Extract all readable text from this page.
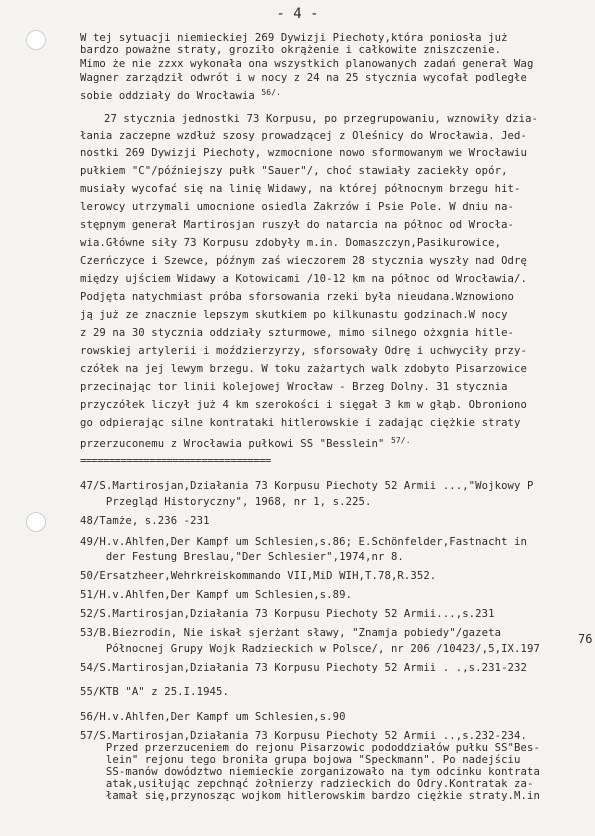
- 4 -
W tej sytuacji niemieckiej 269 Dywizji Piechoty,która poniosła już
bardzo poważne straty, groziło okrążenie i całkowite zniszczenie.
Mimo że nie zzxx wykonała ona wszystkich planowanych zadań generał Wag
Wagner zarządził odwrót i w nocy z 24 na 25 stycznia wycofał podległe
sobie oddziały do Wrocławia $^{56/.}$
27 stycznia jednostki 73 Korpusu, po przegrupowaniu, wznowiły dzia-
łania zaczepne wzdłuż szosy prowadzącej z Oleśnicy do Wrocławia. Jed-
nostki 269 Dywizji Piechoty, wzmocnione nowo sformowanym we Wrocławiu
pułkiem "C"/późniejszy pułk "Sauer"/, choć stawiały zaciekły opór,
musiały wycofać się na linię Widawy, na której północnym brzegu hit-
lerowcy utrzymali umocnione osiedla Zakrzów i Psie Pole. W dniu na-
stępnym generał Martirosjan ruszył do natarcia na północ od Wrocła-
wia.Główne siły 73 Korpusu zdobyły m.in. Domaszczyn,Pasikurowice,
Czerńczyce i Szewce, późnym zaś wieczorem 28 stycznia wyszły nad Odrę
między ujściem Widawy a Kotowicami /10-12 km na północ od Wrocławia/.
Podjęta natychmiast próba sforsowania rzeki była nieudana.Wznowiono
ją już ze znacznie lepszym skutkiem po kilkunastu godzinach.W nocy
z 29 na 30 stycznia oddziały szturmowe, mimo silnego ożxgnia hitle-
rowskiej artylerii i moździerzyrzy, sforsowały Odrę i uchwyciły przy-
czółek na jej lewym brzegu. W toku zażartych walk zdobyto Pisarzowice
przecinając tor linii kolejowej Wrocław - Brzeg Dolny. 31 stycznia
przyczółek liczył już 4 km szerokości i sięgał 3 km w głąb. Obroniono
go odpierając silne kontrataki hitlerowskie i zadając ciężkie straty
przerzuconemu z Wrocławia pułkowi SS "Besslein" $^{57/.}$
=================================
47/S.Martirosjan,Działania 73 Korpusu Piechoty 52 Armii ...,"Wojkowy P
Przegląd Historyczny", 1968, nr 1, s.225.
48/Tamże, s.236 -231
49/H.v.Ahlfen,Der Kampf um Schlesien,s.86; E.Schönfelder,Fastnacht in
der Festung Breslau,"Der Schlesier",1974,nr 8.
50/Ersatzheer,Wehrkreiskommando VII,MiD WIH,T.78,R.352.
51/H.v.Ahlfen,Der Kampf um Schlesien,s.89.
52/S.Martirosjan,Działania 73 Korpusu Piechoty 52 Armii...,s.231
53/B.Biezrodin, Nie iskał sjerżant sławy, "Znamja pobiedy"/gazeta
Północnej Grupy Wojk Radzieckich w Polsce/, nr 206 /10423/,5,IX.197
54/S.Martirosjan,Działania 73 Korpusu Piechoty 52 Armii . .,s.231-232
55/KTB "A" z 25.I.1945.
56/H.v.Ahlfen,Der Kampf um Schlesien,s.90
57/S.Martirosjan,Działania 73 Korpusu Piechoty 52 Armii ..,s.232-234.
Przed przerzuceniem do rejonu Pisarzowic pododdziałów pułku SS"Bes-
lein" rejonu tego broniła grupa bojowa "Speckmann". Po nadejściu
SS-manów dowództwo niemieckie zorganizowało na tym odcinku kontrata
atak,usiłując zepchnąć żołnierzy radzieckich do Odry.Kontratak za-
łamał się,przynosząc wojkom hitlerowskim bardzo ciężkie straty.M.in
76
